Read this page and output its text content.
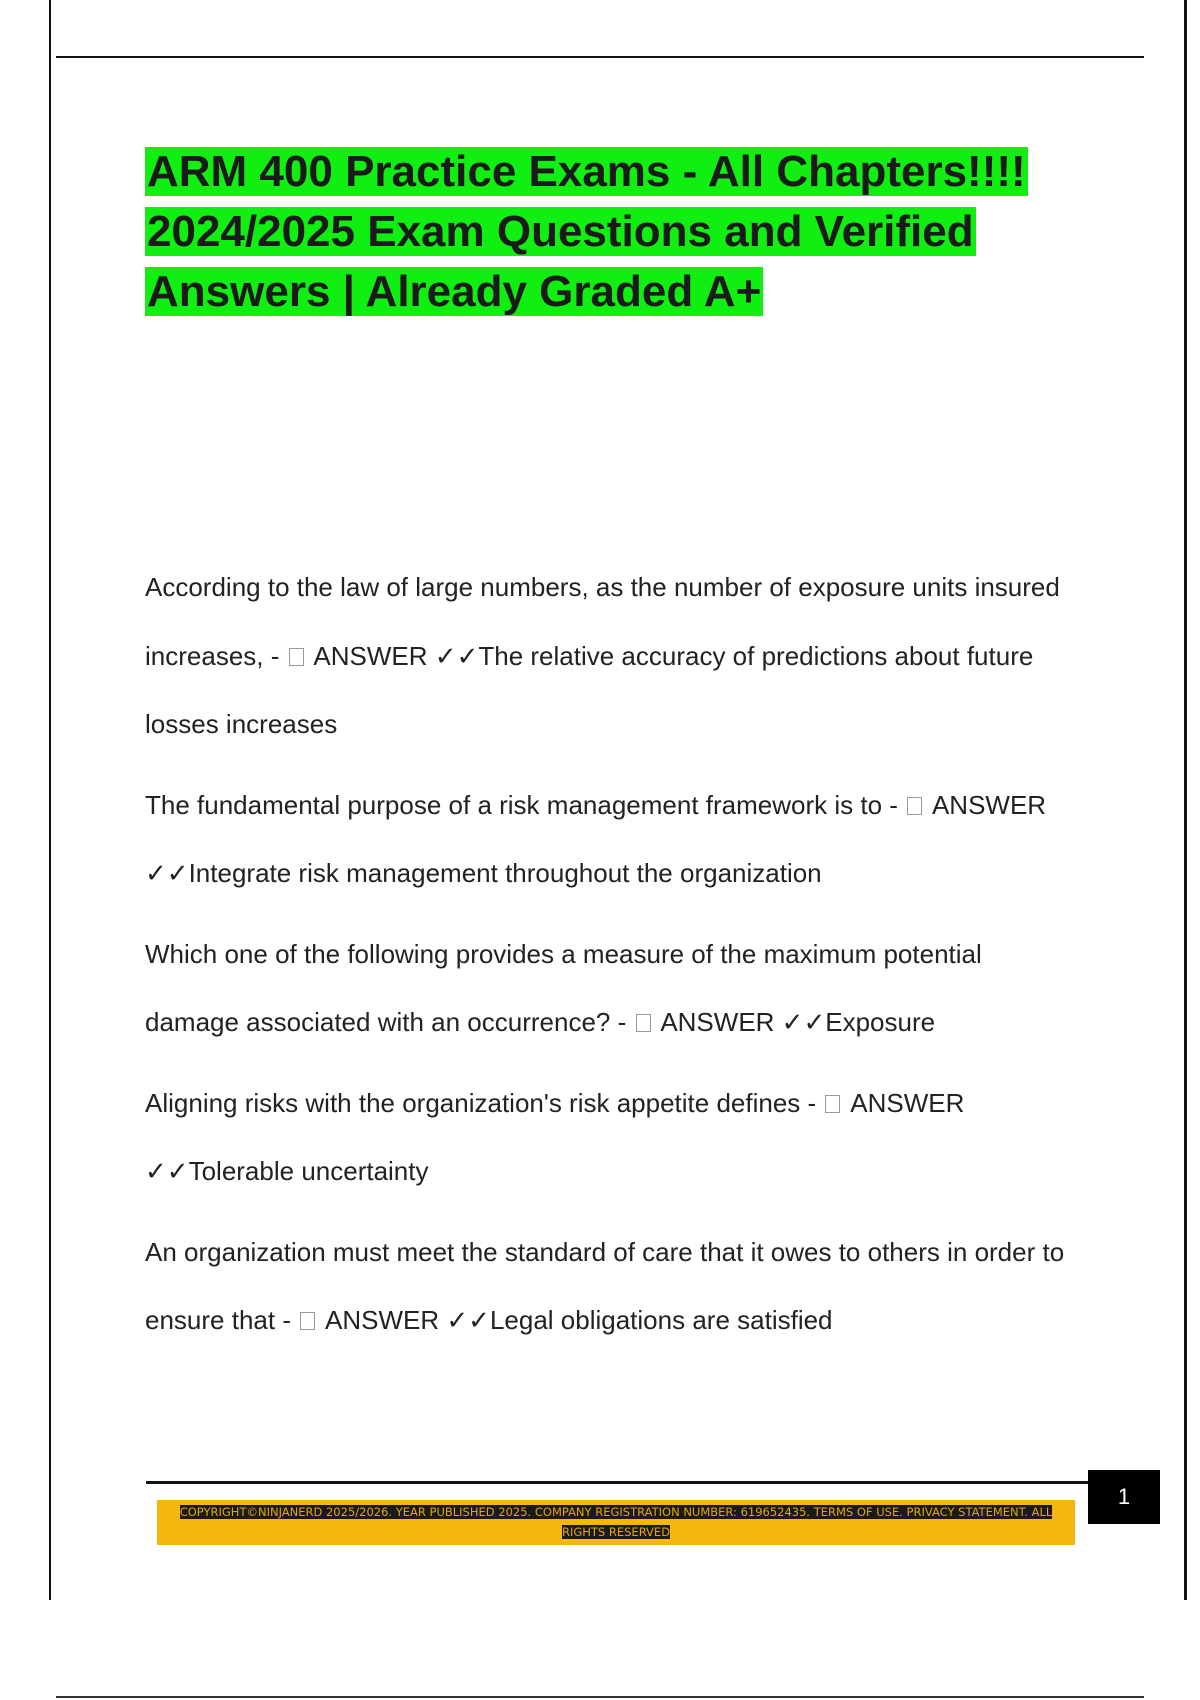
ARM 400 Practice Exams - All Chapters!!!! 2024/2025 Exam Questions and Verified Answers | Already Graded A+
According to the law of large numbers, as the number of exposure units insured increases, - ANSWER ✓✓The relative accuracy of predictions about future losses increases
The fundamental purpose of a risk management framework is to - ANSWER ✓✓Integrate risk management throughout the organization
Which one of the following provides a measure of the maximum potential damage associated with an occurrence? - ANSWER ✓✓Exposure
Aligning risks with the organization's risk appetite defines - ANSWER ✓✓Tolerable uncertainty
An organization must meet the standard of care that it owes to others in order to ensure that - ANSWER ✓✓Legal obligations are satisfied
1

COPYRIGHT©NINJANERD 2025/2026. YEAR PUBLISHED 2025. COMPANY REGISTRATION NUMBER: 619652435. TERMS OF USE. PRIVACY STATEMENT. ALL RIGHTS RESERVED
